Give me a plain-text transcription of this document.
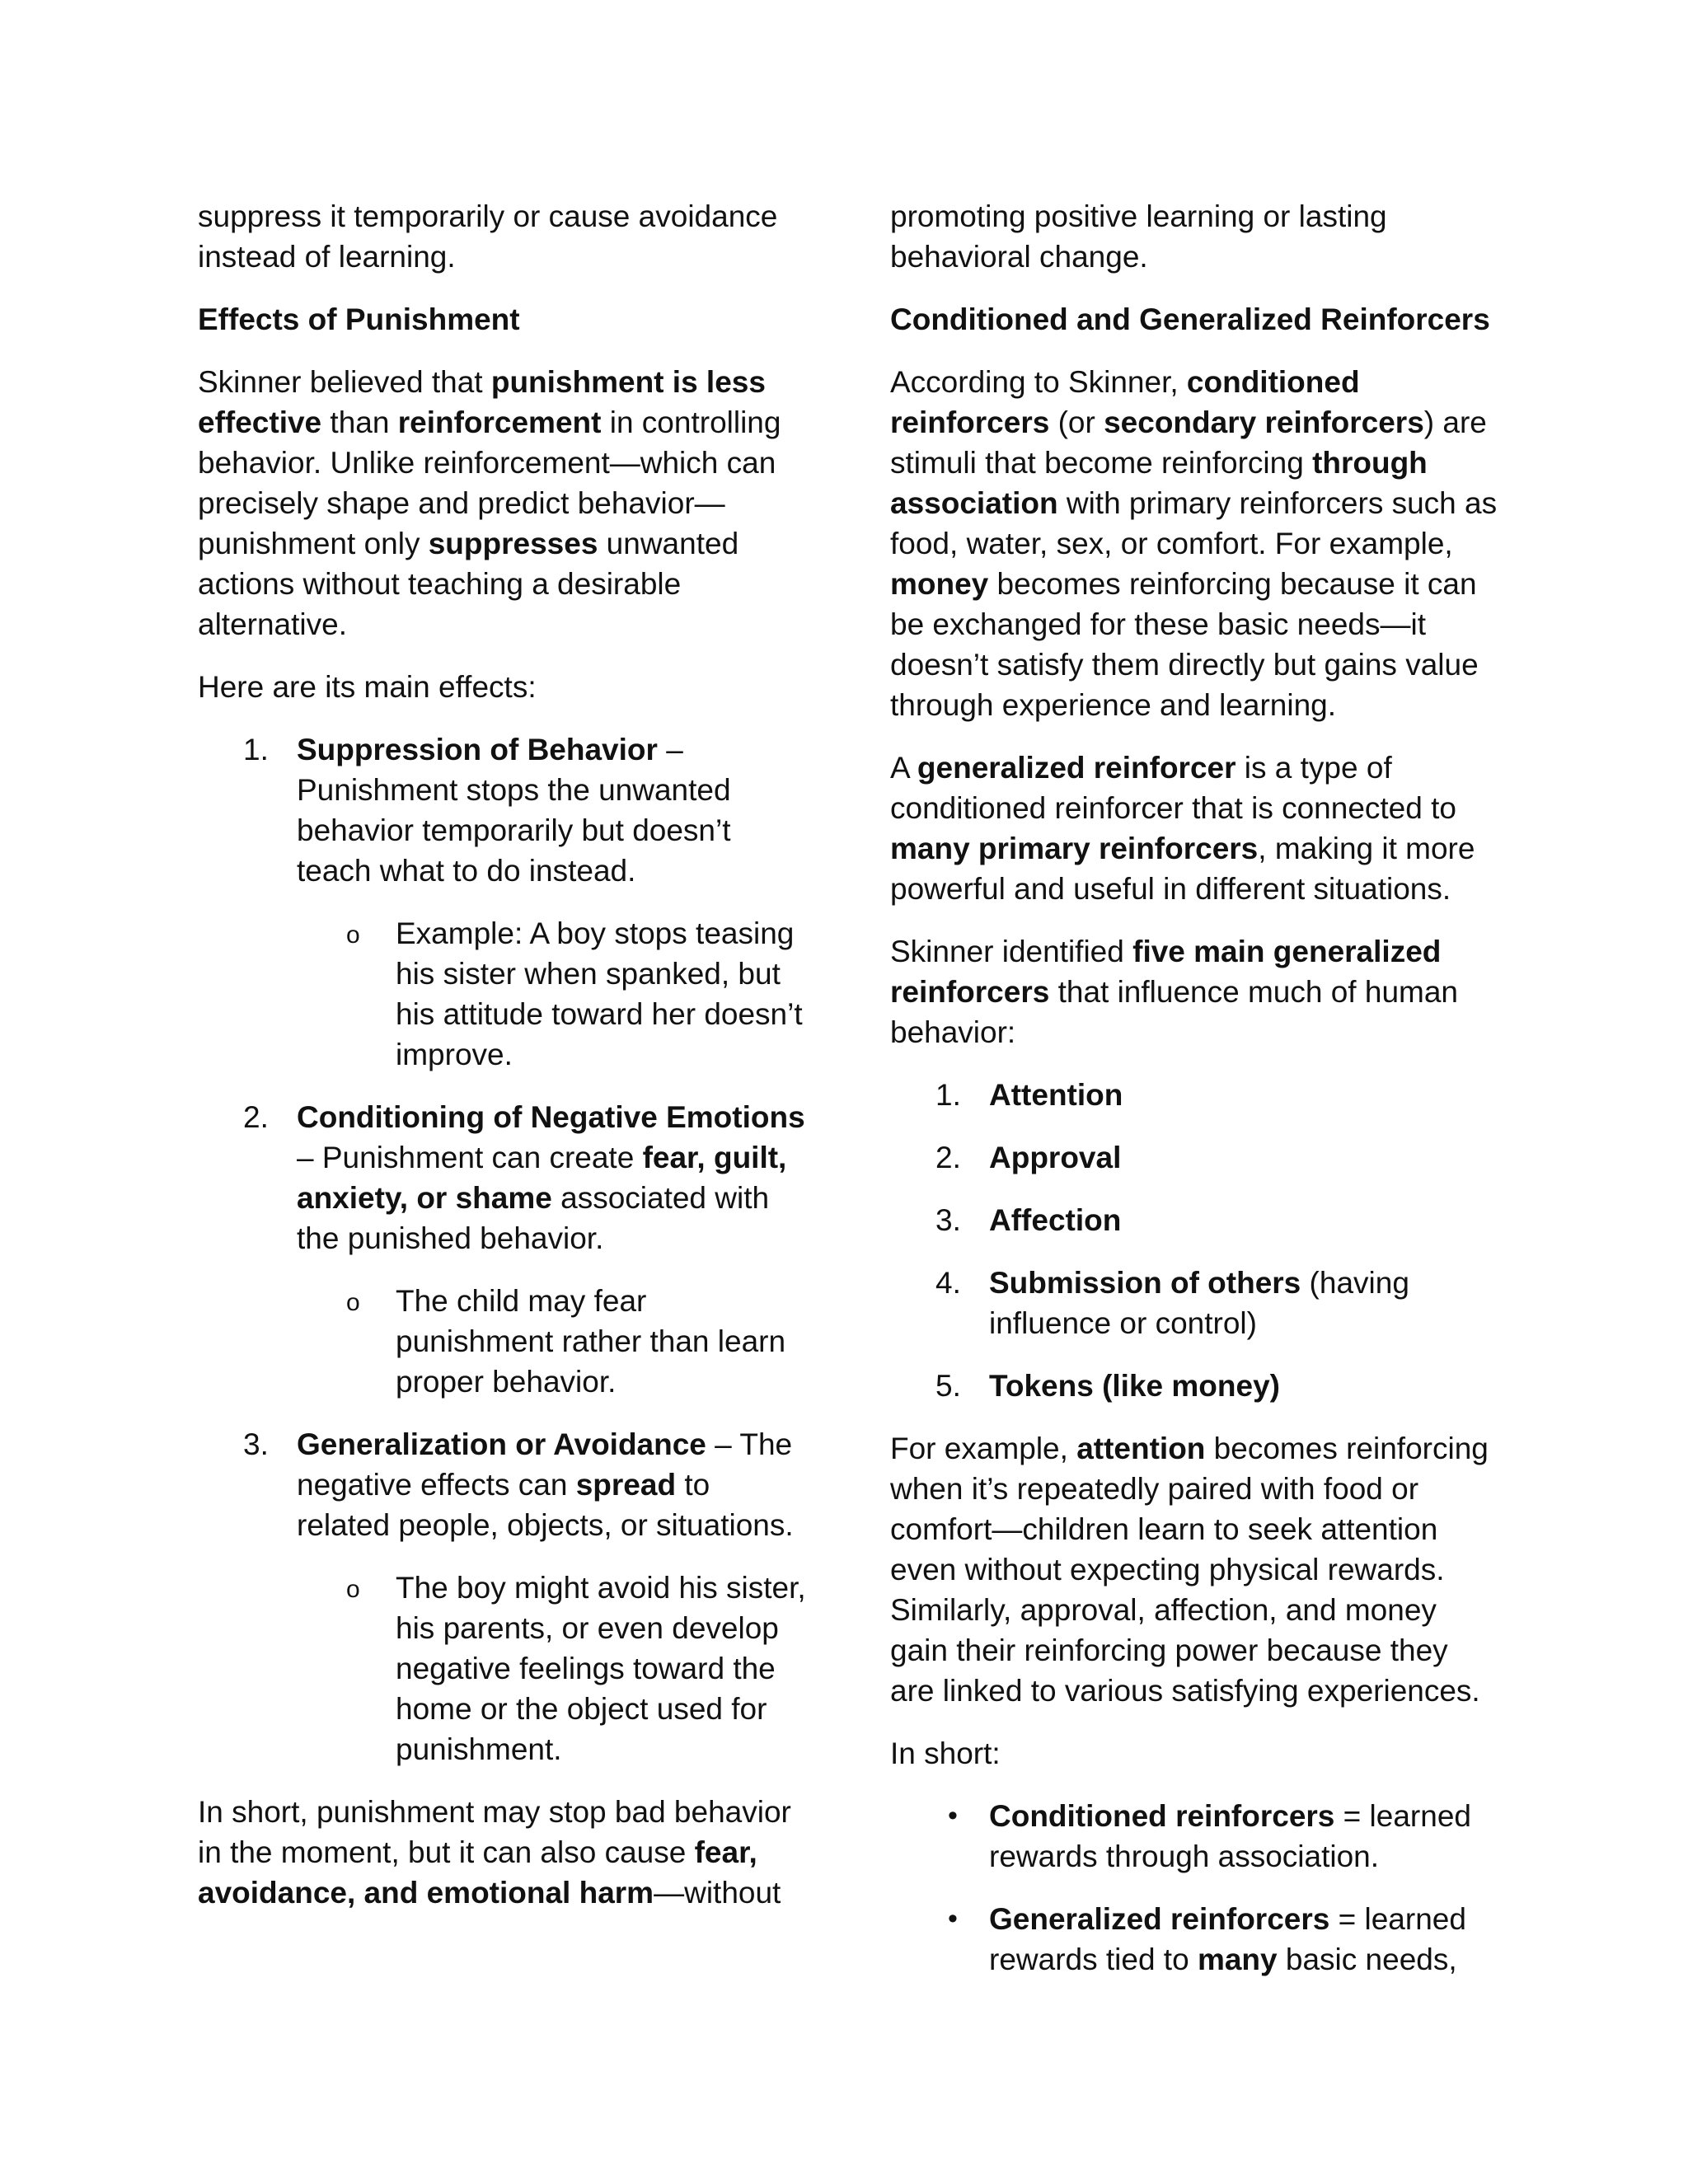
suppress it temporarily or cause avoidance instead of learning.

Effects of Punishment

Skinner believed that punishment is less effective than reinforcement in controlling behavior. Unlike reinforcement—which can precisely shape and predict behavior—punishment only suppresses unwanted actions without teaching a desirable alternative.

Here are its main effects:

1. Suppression of Behavior – Punishment stops the unwanted behavior temporarily but doesn’t teach what to do instead.
o Example: A boy stops teasing his sister when spanked, but his attitude toward her doesn’t improve.
2. Conditioning of Negative Emotions – Punishment can create fear, guilt, anxiety, or shame associated with the punished behavior.
o The child may fear punishment rather than learn proper behavior.
3. Generalization or Avoidance – The negative effects can spread to related people, objects, or situations.
o The boy might avoid his sister, his parents, or even develop negative feelings toward the home or the object used for punishment.

In short, punishment may stop bad behavior in the moment, but it can also cause fear, avoidance, and emotional harm—without

promoting positive learning or lasting behavioral change.

Conditioned and Generalized Reinforcers

According to Skinner, conditioned reinforcers (or secondary reinforcers) are stimuli that become reinforcing through association with primary reinforcers such as food, water, sex, or comfort. For example, money becomes reinforcing because it can be exchanged for these basic needs—it doesn’t satisfy them directly but gains value through experience and learning.

A generalized reinforcer is a type of conditioned reinforcer that is connected to many primary reinforcers, making it more powerful and useful in different situations.

Skinner identified five main generalized reinforcers that influence much of human behavior:

1. Attention
2. Approval
3. Affection
4. Submission of others (having influence or control)
5. Tokens (like money)

For example, attention becomes reinforcing when it’s repeatedly paired with food or comfort—children learn to seek attention even without expecting physical rewards. Similarly, approval, affection, and money gain their reinforcing power because they are linked to various satisfying experiences.

In short:

• Conditioned reinforcers = learned rewards through association.
• Generalized reinforcers = learned rewards tied to many basic needs,
